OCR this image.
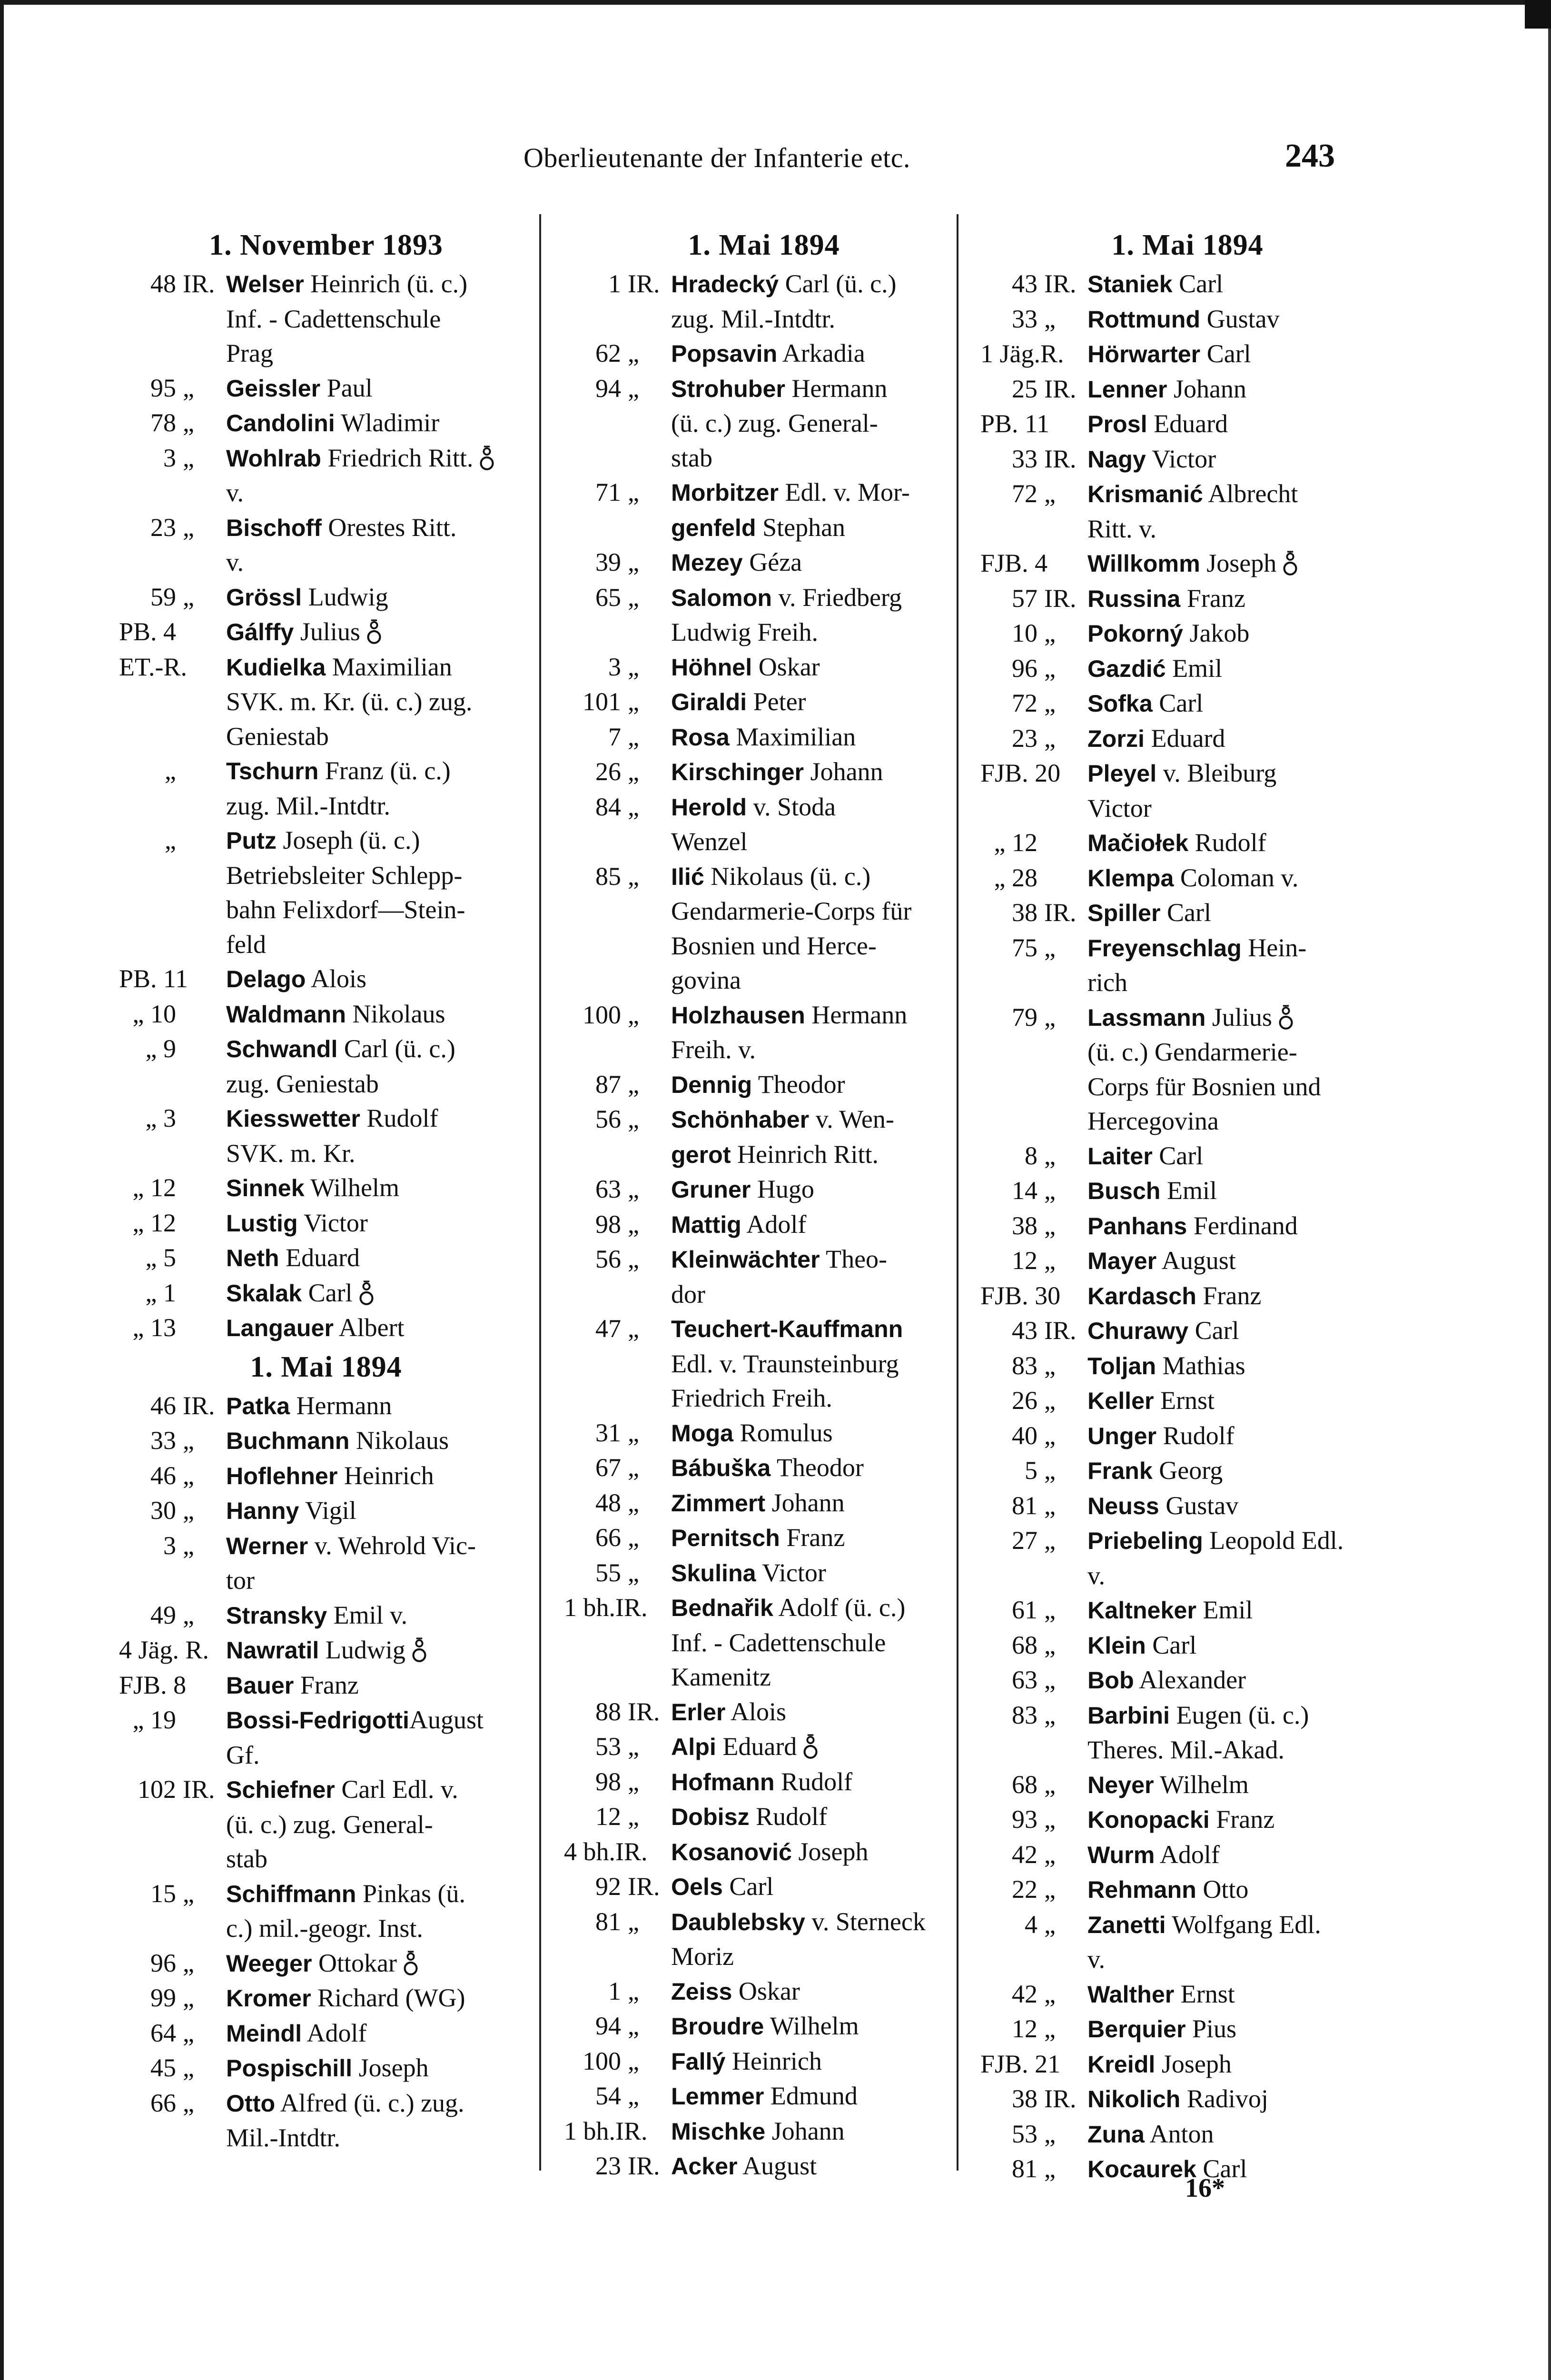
Oberlieutenante der Infanterie etc.	243
1. November 1893
48 IR. Welser Heinrich (ü. c.)
Inf. - Cadettenschule
Prag
95 „	Geissler Paul
78 „	Candolini Wladimir
3 „	Wohlrab Friedrich Ritt.
v.
23 „	Bischoff Orestes Ritt.
v.
59 „	Grössl Ludwig
PB. 4 Gálffy Julius
ET.-R. Kudielka Maximilian
SVK. m. Kr. (ü. c.) zug.
Geniestab
„ Tschurn Franz (ü. c.)
zug. Mil.-Intdtr.
„ Putz Joseph (ü. c.)
Betriebsleiter Schlepp-
bahn Felixdorf—Stein-
feld
PB. 11 Delago Alois
„ 10 Waldmann Nikolaus
„ 9 Schwandl Carl (ü. c.)
zug. Geniestab
„ 3 Kiesswetter Rudolf
SVK. m. Kr.
„ 12 Sinnek Wilhelm
„ 12 Lustig Victor
„ 5 Neth Eduard
„ 1 Skalak Carl
„ 13 Langauer Albert
1. Mai 1894
46 IR. Patka Hermann
33 „	Buchmann Nikolaus
46 „	Hoflehner Heinrich
30 „	Hanny Vigil
3 „	Werner v. Wehrold Vic-
tor
49 „	Stransky Emil v.
4 Jäg. R. Nawratil Ludwig
FJB. 8 Bauer Franz
„ 19 Bossi-FedrigottiAugust
Gf.
102 IR. Schiefner Carl Edl. v.
(ü. c.) zug. General-
stab
15 „	Schiffmann Pinkas (ü.
c.) mil.-geogr. Inst.
96 „	Weeger Ottokar
99 „	Kromer Richard (WG)
64 „	Meindl Adolf
45 „	Pospischill Joseph
66 „	Otto Alfred (ü. c.) zug.
Mil.-Intdtr.
1. Mai 1894
1 IR. Hradecký Carl (ü. c.)
zug. Mil.-Intdtr.
62 „	Popsavin Arkadia
94 „	Strohuber Hermann
(ü. c.) zug. General-
stab
71 „	Morbitzer Edl. v. Mor-
genfeld Stephan
39 „	Mezey Géza
65 „	Salomon v. Friedberg
Ludwig Freih.
3 „	Höhnel Oskar
101 „	Giraldi Peter
7 „	Rosa Maximilian
26 „	Kirschinger Johann
84 „	Herold v. Stoda
Wenzel
85 „	Ilić Nikolaus (ü. c.)
Gendarmerie-Corps für
Bosnien und Herce-
govina
100 „	Holzhausen Hermann
Freih. v.
87 „	Dennig Theodor
56 „	Schönhaber v. Wen-
gerot Heinrich Ritt.
63 „	Gruner Hugo
98 „	Mattig Adolf
56 „	Kleinwächter Theo-
dor
47 „	Teuchert-Kauffmann
Edl. v. Traunsteinburg
Friedrich Freih.
31 „	Moga Romulus
67 „	Bábuška Theodor
48 „	Zimmert Johann
66 „	Pernitsch Franz
55 „	Skulina Victor
1 bh.IR. Bednařik Adolf (ü. c.)
Inf. - Cadettenschule
Kamenitz
88 IR. Erler Alois
53 „	Alpi Eduard
98 „	Hofmann Rudolf
12 „	Dobisz Rudolf
4 bh.IR. Kosanović Joseph
92 IR. Oels Carl
81 „	Daublebsky v. Sterneck
Moriz
1 „	Zeiss Oskar
94 „	Broudre Wilhelm
100 „	Fallý Heinrich
54 „	Lemmer Edmund
1 bh.IR. Mischke Johann
23 IR. Acker August
1. Mai 1894
43 IR. Staniek Carl
33 „	Rottmund Gustav
1 Jäg.R. Hörwarter Carl
25 IR. Lenner Johann
PB. 11 Prosl Eduard
33 IR. Nagy Victor
72 „	Krismanić Albrecht
Ritt. v.
FJB. 4 Willkomm Joseph
57 IR. Russina Franz
10 „	Pokorný Jakob
96 „	Gazdić Emil
72 „	Sofka Carl
23 „	Zorzi Eduard
FJB. 20 Pleyel v. Bleiburg
Victor
„ 12 Mačiołek Rudolf
„ 28 Klempa Coloman v.
38 IR. Spiller Carl
75 „	Freyenschlag Hein-
rich
79 „	Lassmann Julius
(ü. c.) Gendarmerie-
Corps für Bosnien und
Hercegovina
8 „	Laiter Carl
14 „	Busch Emil
38 „	Panhans Ferdinand
12 „	Mayer August
FJB. 30 Kardasch Franz
43 IR. Churawy Carl
83 „	Toljan Mathias
26 „	Keller Ernst
40 „	Unger Rudolf
5 „	Frank Georg
81 „	Neuss Gustav
27 „	Priebeling Leopold Edl.
v.
61 „	Kaltneker Emil
68 „	Klein Carl
63 „	Bob Alexander
83 „	Barbini Eugen (ü. c.)
Theres. Mil.-Akad.
68 „	Neyer Wilhelm
93 „	Konopacki Franz
42 „	Wurm Adolf
22 „	Rehmann Otto
4 „	Zanetti Wolfgang Edl.
v.
42 „	Walther Ernst
12 „	Berquier Pius
FJB. 21 Kreidl Joseph
38 IR. Nikolich Radivoj
53 „	Zuna Anton
81 „	Kocaurek Carl
16*
